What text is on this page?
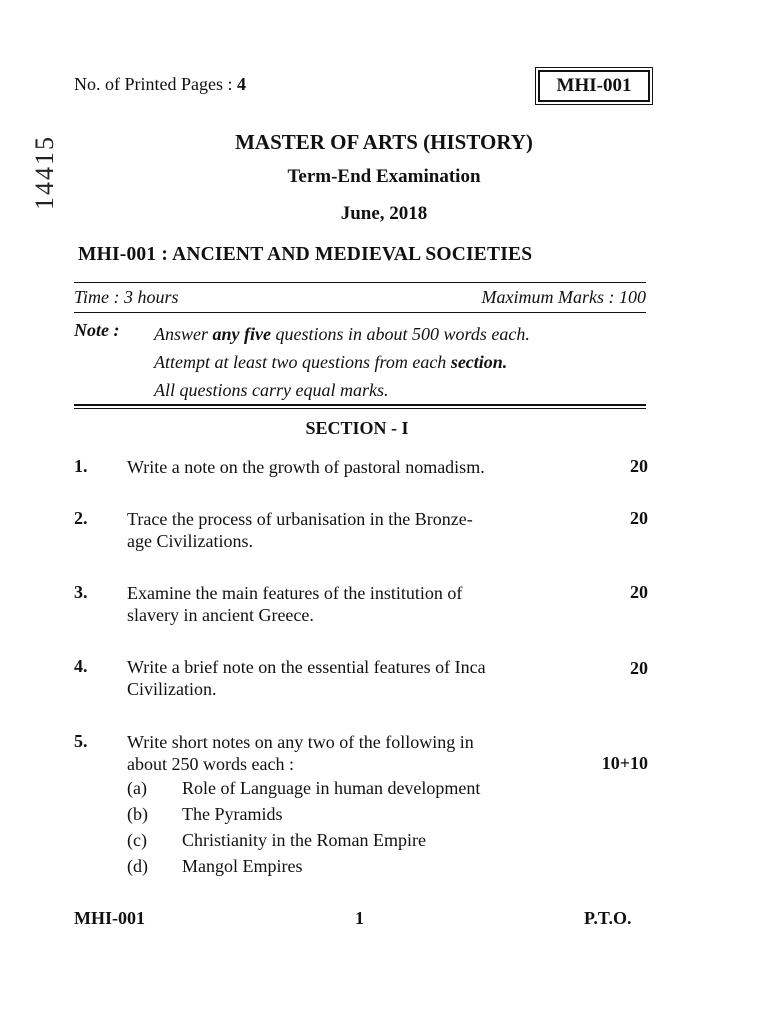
No. of Printed Pages : 4	MHI-001
14415	MASTER OF ARTS (HISTORY)
Term-End Examination
June, 2018
MHI-001 : ANCIENT AND MEDIEVAL SOCIETIES
Time : 3 hours	Maximum Marks : 100
Note : Answer any five questions in about 500 words each.
Attempt at least two questions from each section.
All questions carry equal marks.
SECTION - I
1. Write a note on the growth of pastoral nomadism.	20
2. Trace the process of urbanisation in the Bronze-
age Civilizations.
20
3. Examine the main features of the institution of
slavery in ancient Greece.
20
4. Write a brief note on the essential features of Inca
Civilization.
20
5. Write short notes on any two of the following in
about 250 words each :	10+10
(a) Role of Language in human development
(b) The Pyramids
(c) Christianity in the Roman Empire
(d) Mangol Empires
MHI-001	1	P.T.O.
